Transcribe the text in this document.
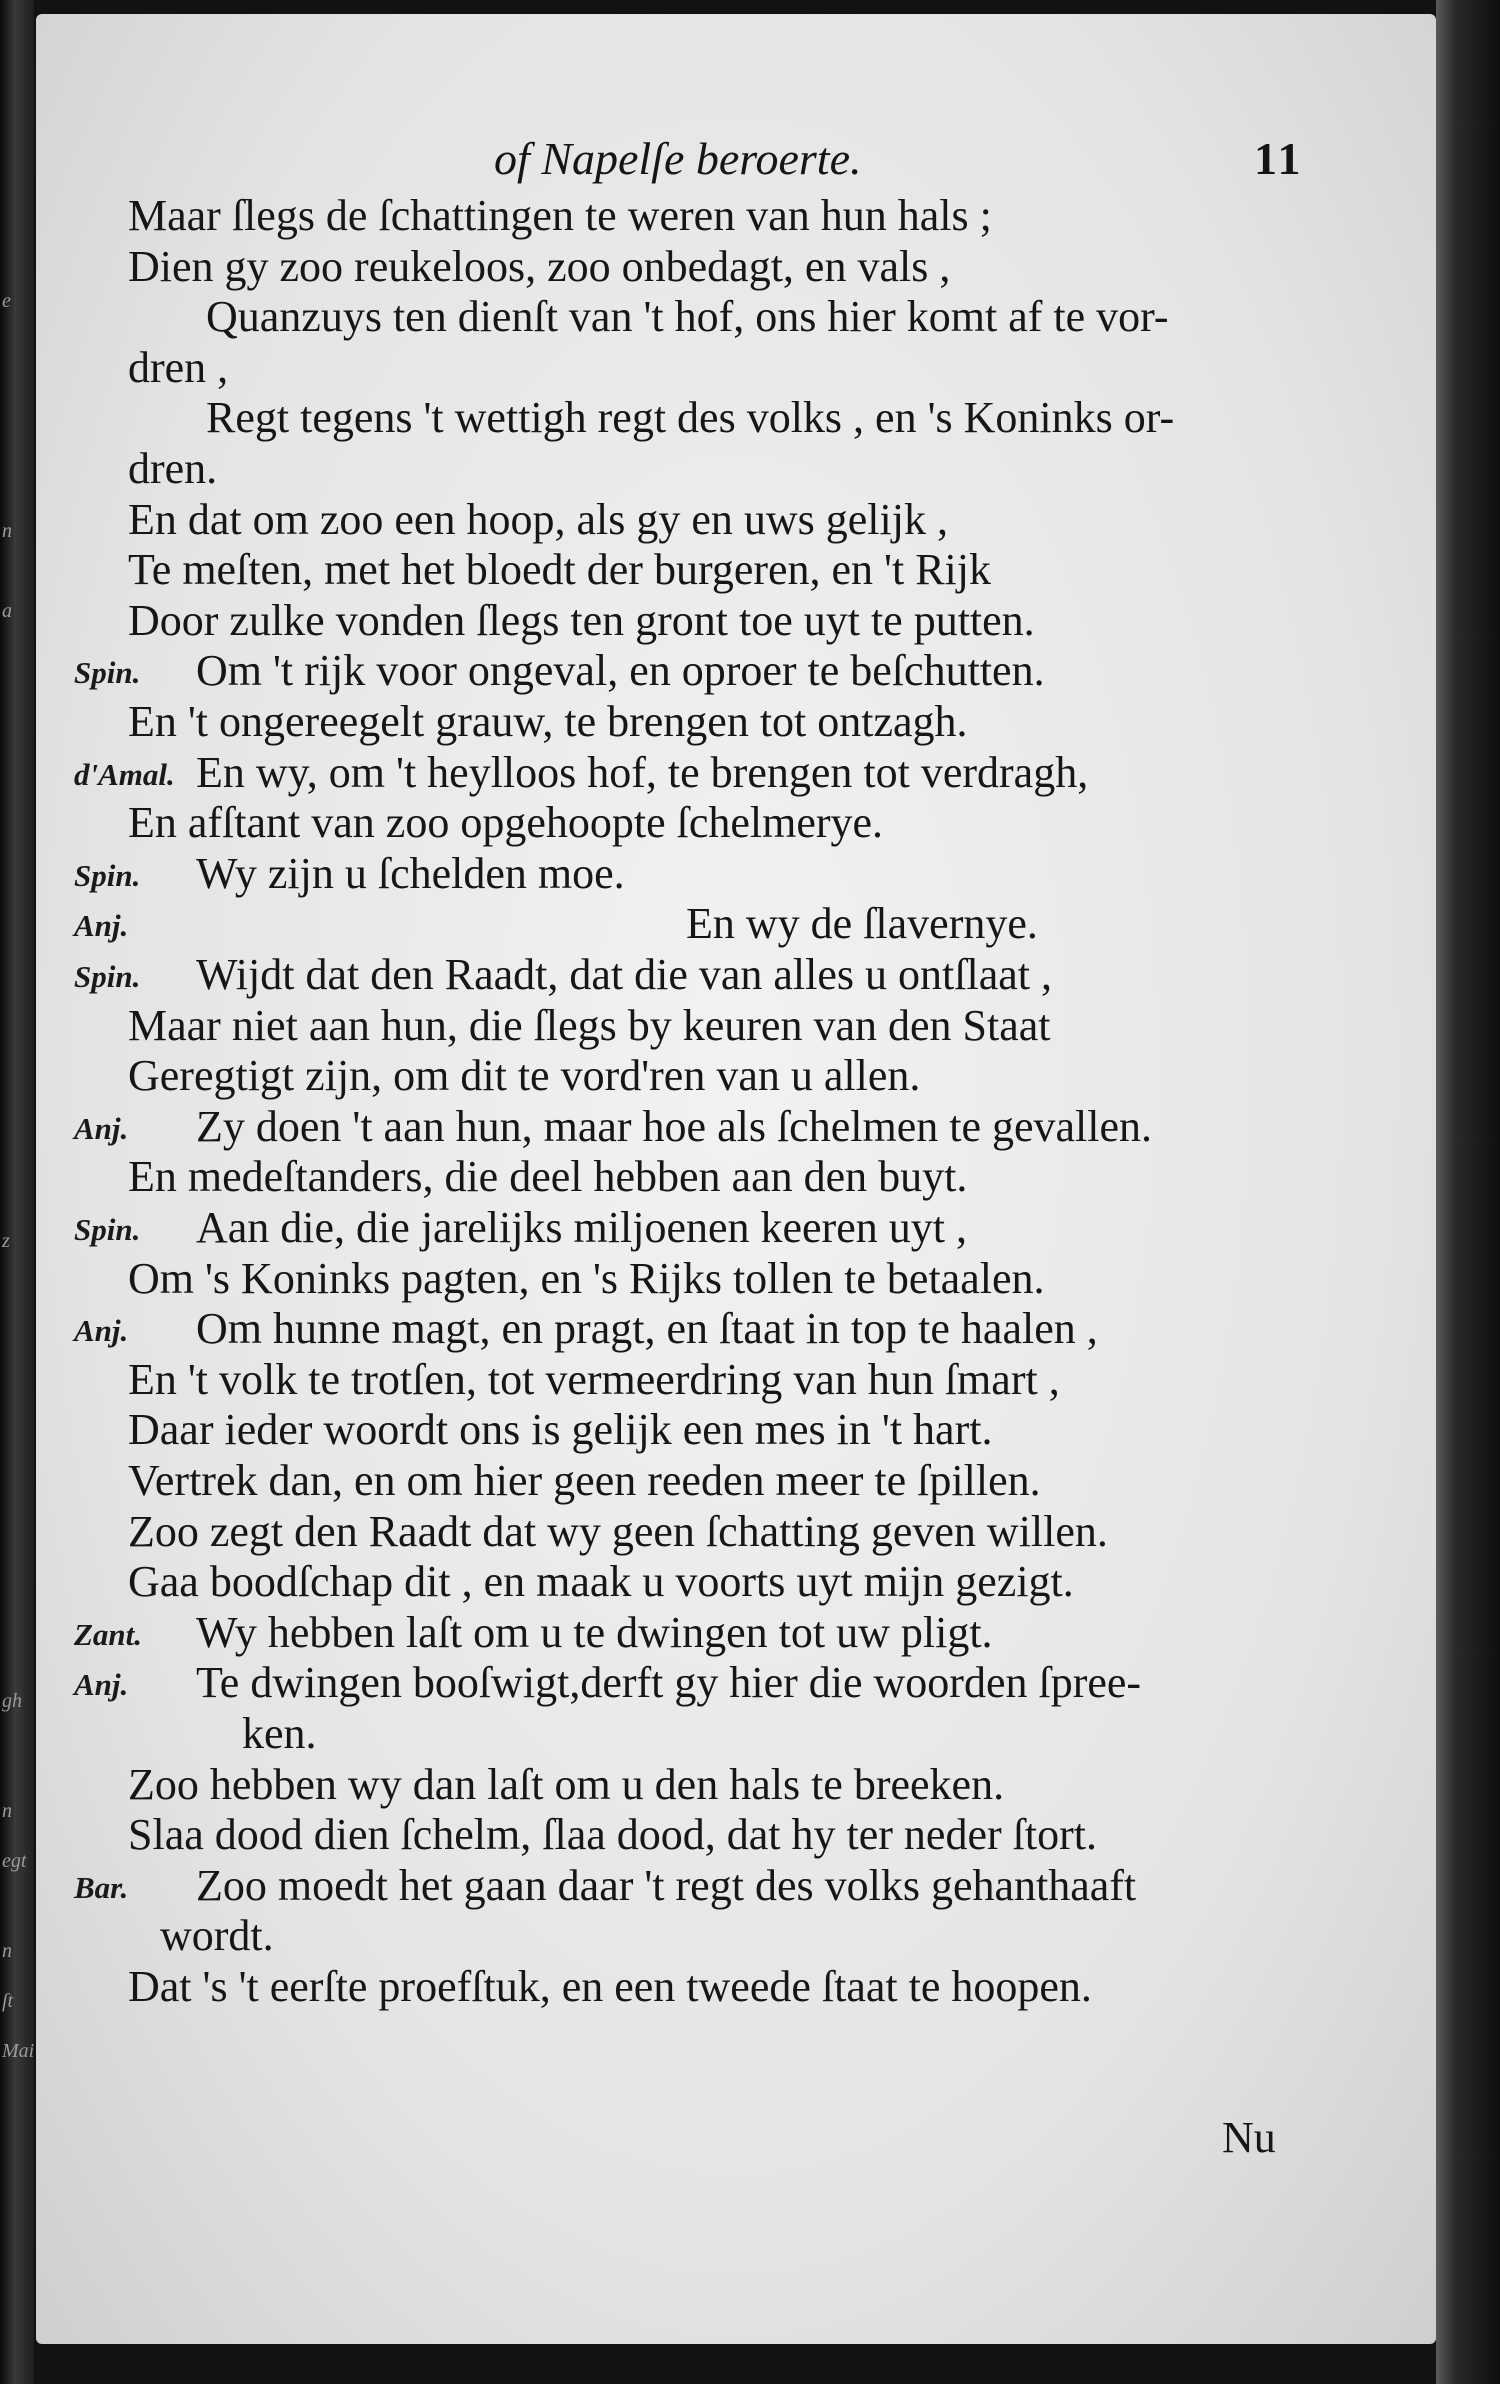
e
n
a
z
gh
n
egt
n
ſt
Mai
of Napelſe beroerte.	11
Maar ſlegs de ſchattingen te weren van hun hals ;
Dien gy zoo reukeloos, zoo onbedagt, en vals ,
Quanzuys ten dienſt van 't hof, ons hier komt af te vor-
dren ,
Regt tegens 't wettigh regt des volks , en 's Koninks or-
dren.
En dat om zoo een hoop, als gy en uws gelijk ,
Te meſten, met het bloedt der burgeren, en 't Rijk
Door zulke vonden ſlegs ten gront toe uyt te putten.
Spin. Om 't rijk voor ongeval, en oproer te beſchutten.
En 't ongereegelt grauw, te brengen tot ontzagh.
d'Amal. En wy, om 't heylloos hof, te brengen tot verdragh,
En afſtant van zoo opgehoopte ſchelmerye.
Spin. Wy zijn u ſchelden moe.
Anj.	En wy de ſlavernye.
Spin. Wijdt dat den Raadt, dat die van alles u ontſlaat ,
Maar niet aan hun, die ſlegs by keuren van den Staat
Geregtigt zijn, om dit te vord'ren van u allen.
Anj. Zy doen 't aan hun, maar hoe als ſchelmen te gevallen.
En medeſtanders, die deel hebben aan den buyt.
Spin. Aan die, die jarelijks miljoenen keeren uyt ,
Om 's Koninks pagten, en 's Rijks tollen te betaalen.
Anj. Om hunne magt, en pragt, en ſtaat in top te haalen ,
En 't volk te trotſen, tot vermeerdring van hun ſmart ,
Daar ieder woordt ons is gelijk een mes in 't hart.
Vertrek dan, en om hier geen reeden meer te ſpillen.
Zoo zegt den Raadt dat wy geen ſchatting geven willen.
Gaa boodſchap dit , en maak u voorts uyt mijn gezigt.
Zant. Wy hebben laſt om u te dwingen tot uw pligt.
Anj. Te dwingen booſwigt,derft gy hier die woorden ſpree-
ken.
Zoo hebben wy dan laſt om u den hals te breeken.
Slaa dood dien ſchelm, ſlaa dood, dat hy ter neder ſtort.
Bar. Zoo moedt het gaan daar 't regt des volks gehanthaaft
wordt.
Dat 's 't eerſte proefſtuk, en een tweede ſtaat te hoopen.
Nu
